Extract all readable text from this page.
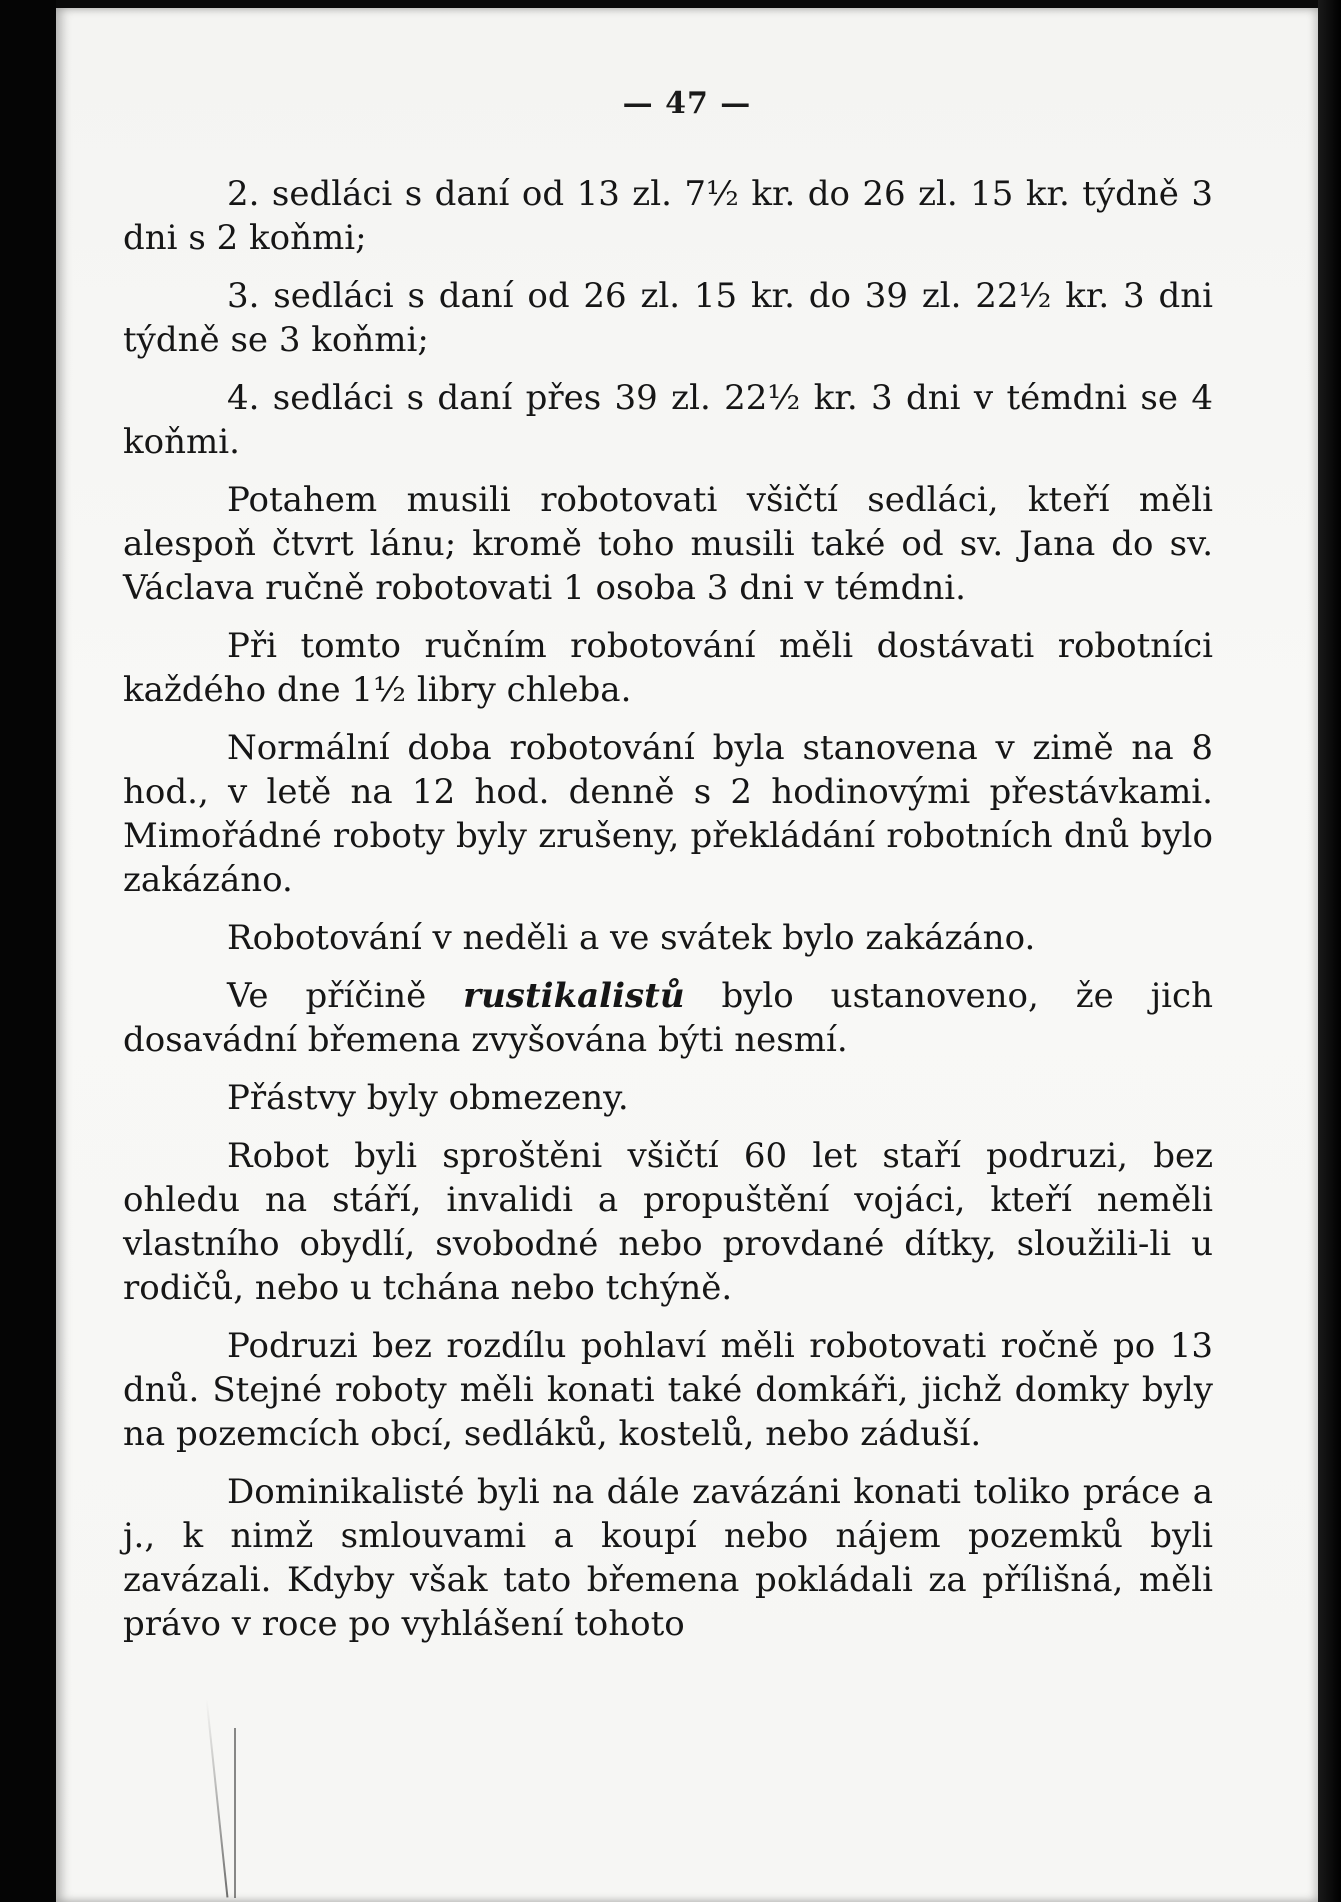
— 47 —

2. sedláci s daní od 13 zl. 7½ kr. do 26 zl. 15 kr. týdně 3 dni s 2 koňmi;

3. sedláci s daní od 26 zl. 15 kr. do 39 zl. 22½ kr. 3 dni týdně se 3 koňmi;

4. sedláci s daní přes 39 zl. 22½ kr. 3 dni v témdni se 4 koňmi.

Potahem musili robotovati všičtí sedláci, kteří měli alespoň čtvrt lánu; kromě toho musili také od sv. Jana do sv. Václava ručně robotovati 1 osoba 3 dni v témdni.

Při tomto ručním robotování měli dostávati robotníci každého dne 1½ libry chleba.

Normální doba robotování byla stanovena v zimě na 8 hod., v letě na 12 hod. denně s 2 hodinovými přestávkami. Mimořádné roboty byly zrušeny, překládání robotních dnů bylo zakázáno.

Robotování v neděli a ve svátek bylo zakázáno.

Ve příčině rustikalistů bylo ustanoveno, že jich dosavádní břemena zvyšována býti nesmí.

Přástvy byly obmezeny.

Robot byli sproštěni všičtí 60 let staří podruzi, bez ohledu na stáří, invalidi a propuštění vojáci, kteří neměli vlastního obydlí, svobodné nebo provdané dítky, sloužili-li u rodičů, nebo u tchána nebo tchýně.

Podruzi bez rozdílu pohlaví měli robotovati ročně po 13 dnů. Stejné roboty měli konati také domkáři, jichž domky byly na pozemcích obcí, sedláků, kostelů, nebo záduší.

Dominikalisté byli na dále zavázáni konati toliko práce a j., k nimž smlouvami a koupí nebo nájem pozemků byli zavázali. Kdyby však tato břemena pokládali za přílišná, měli právo v roce po vyhlášení tohoto
